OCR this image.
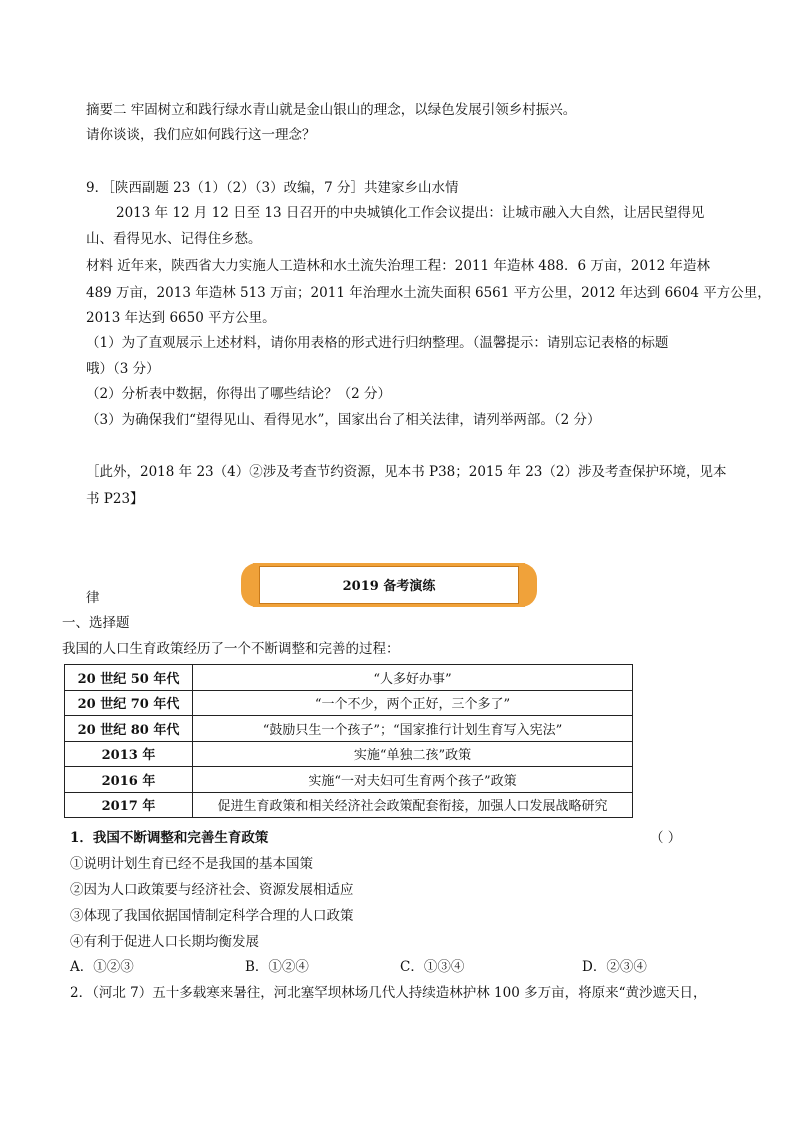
摘要二 牢固树立和践行绿水青山就是金山银山的理念，以绿色发展引领乡村振兴。
请你谈谈，我们应如何践行这一理念？
9．［陕西副题 23（1）（2）（3）改编，7 分］共建家乡山水情
2013 年 12 月 12 日至 13 日召开的中央城镇化工作会议提出：让城市融入大自然，让居民望得见
山、看得见水、记得住乡愁。
材料 近年来，陕西省大力实施人工造林和水土流失治理工程：2011 年造林 488．6 万亩，2012 年造林
489 万亩，2013 年造林 513 万亩；2011 年治理水土流失面积 6561 平方公里，2012 年达到 6604 平方公里，
2013 年达到 6650 平方公里。
（1）为了直观展示上述材料，请你用表格的形式进行归纳整理。（温馨提示：请别忘记表格的标题
哦）（3 分）
（2）分析表中数据，你得出了哪些结论？（2 分）
（3）为确保我们“望得见山、看得见水”，国家出台了相关法律，请列举两部。（2 分）
［此外，2018 年 23（4）②涉及考查节约资源，见本书 P38；2015 年 23（2）涉及考查保护环境，见本
书 P23】
2019 备考演练
律
一、选择题
我国的人口生育政策经历了一个不断调整和完善的过程：
20 世纪 50 年代	“人多好办事”
20 世纪 70 年代	“一个不少，两个正好，三个多了”
20 世纪 80 年代	“鼓励只生一个孩子”；“国家推行计划生育写入宪法”
2013 年	实施“单独二孩”政策
2016 年	实施“一对夫妇可生育两个孩子”政策
2017 年	促进生育政策和相关经济社会政策配套衔接，加强人口发展战略研究
1．我国不断调整和完善生育政策	（ ）
①说明计划生育已经不是我国的基本国策
②因为人口政策要与经济社会、资源发展相适应
③体现了我国依据国情制定科学合理的人口政策
④有利于促进人口长期均衡发展
A．①②③	B．①②④	C．①③④	D．②③④
2．（河北 7）五十多载寒来暑往，河北塞罕坝林场几代人持续造林护林 100 多万亩，将原来“黄沙遮天日，
